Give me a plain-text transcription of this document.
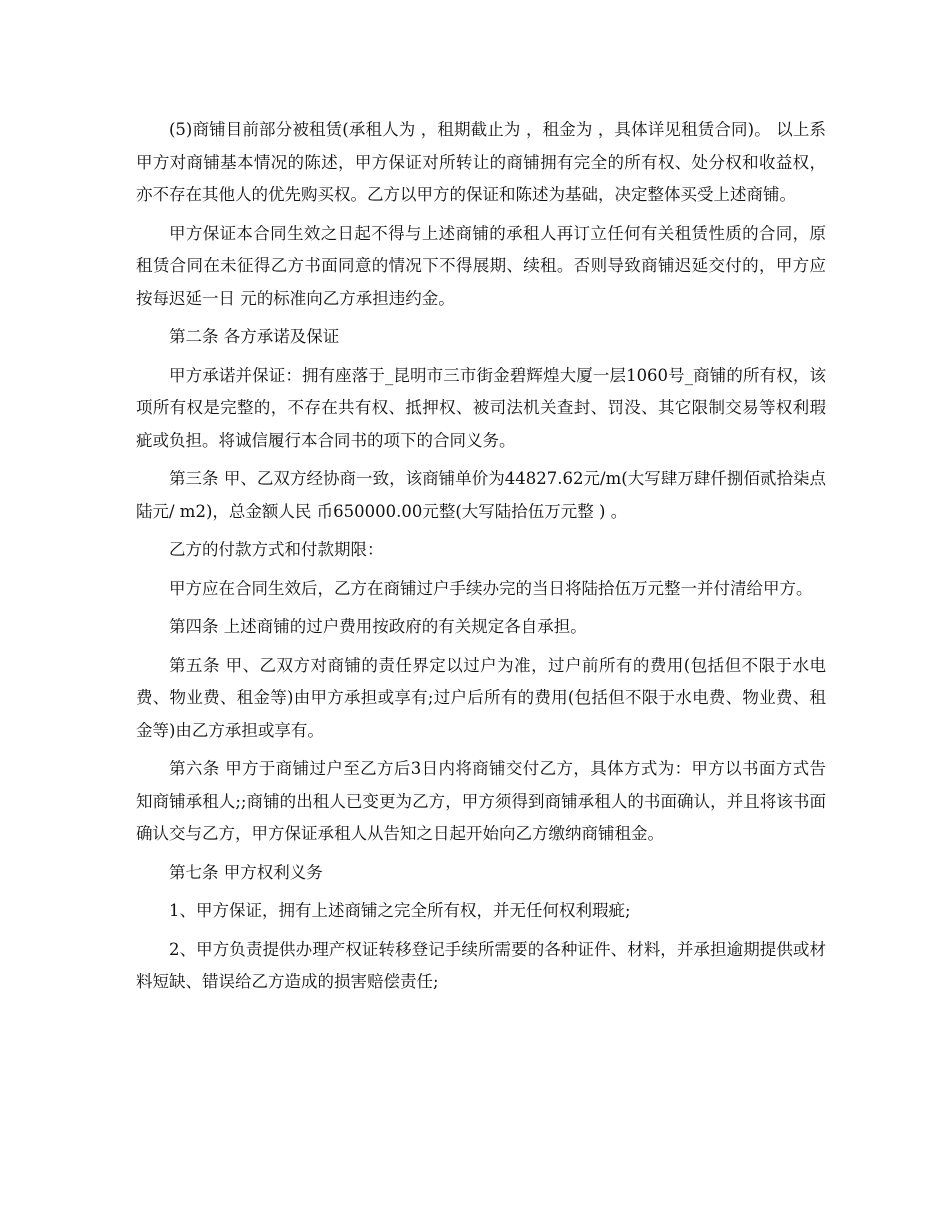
(5)商铺目前部分被租赁(承租人为 ，租期截止为 ，租金为 ，具体详见租赁合同)。 以上系甲方对商铺基本情况的陈述，甲方保证对所转让的商铺拥有完全的所有权、处分权和收益权，亦不存在其他人的优先购买权。乙方以甲方的保证和陈述为基础，决定整体买受上述商铺。

甲方保证本合同生效之日起不得与上述商铺的承租人再订立任何有关租赁性质的合同，原租赁合同在未征得乙方书面同意的情况下不得展期、续租。否则导致商铺迟延交付的，甲方应按每迟延一日 元的标准向乙方承担违约金。

第二条 各方承诺及保证

甲方承诺并保证：拥有座落于_昆明市三市街金碧辉煌大厦一层1060号_商铺的所有权，该项所有权是完整的，不存在共有权、抵押权、被司法机关查封、罚没、其它限制交易等权利瑕疵或负担。将诚信履行本合同书的项下的合同义务。

第三条 甲、乙双方经协商一致，该商铺单价为44827.62元/m(大写肆万肆仟捌佰贰拾柒点陆元/ m2)，总金额人民 币650000.00元整(大写陆拾伍万元整 ) 。

乙方的付款方式和付款期限：

甲方应在合同生效后，乙方在商铺过户手续办完的当日将陆拾伍万元整一并付清给甲方。

第四条 上述商铺的过户费用按政府的有关规定各自承担。

第五条 甲、乙双方对商铺的责任界定以过户为准，过户前所有的费用(包括但不限于水电费、物业费、租金等)由甲方承担或享有;过户后所有的费用(包括但不限于水电费、物业费、租金等)由乙方承担或享有。

第六条 甲方于商铺过户至乙方后3日内将商铺交付乙方，具体方式为：甲方以书面方式告知商铺承租人;;商铺的出租人已变更为乙方，甲方须得到商铺承租人的书面确认，并且将该书面确认交与乙方，甲方保证承租人从告知之日起开始向乙方缴纳商铺租金。

第七条 甲方权利义务

1、甲方保证，拥有上述商铺之完全所有权，并无任何权利瑕疵;

2、甲方负责提供办理产权证转移登记手续所需要的各种证件、材料，并承担逾期提供或材料短缺、错误给乙方造成的损害赔偿责任;
